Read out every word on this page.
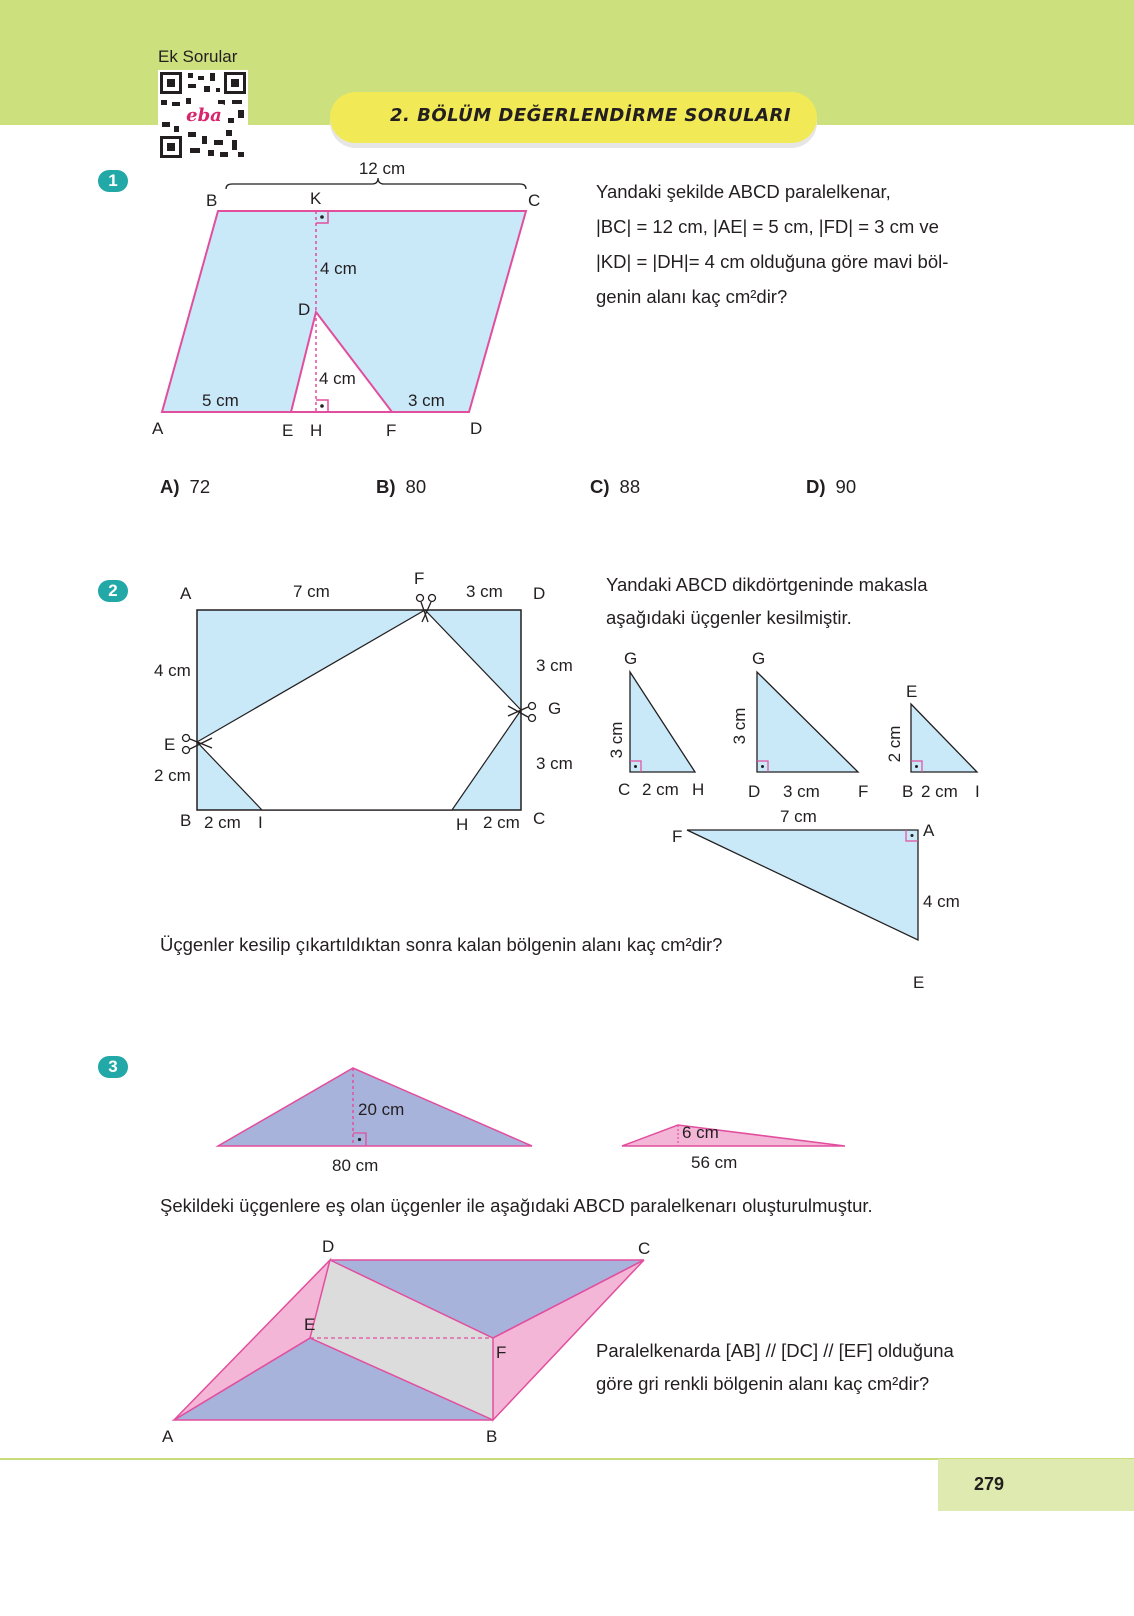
Ek Sorular
eba	2. BÖLÜM DEĞERLENDİRME SORULARI
1
12 cm
B	K	C
4 cm
D
4 cm
5 cm	3 cm
A	E H	F	D
Yandaki şekilde ABCD paralelkenar,
|BC| = 12 cm, |AE| = 5 cm, |FD| = 3 cm ve
|KD| = |DH|= 4 cm olduğuna göre mavi böl-
genin alanı kaç cm²dir?
A) 72	B) 80	C) 88	D) 90
2	A	7 cm
F
3 cm D
4 cm	3 cm
G
E
3 cm
2 cm
B 2 cm I	H 2 cm C
Yandaki ABCD dikdörtgeninde makasla
aşağıdaki üçgenler kesilmiştir.
G
3 cm
C 2 cm H
G
3 cm
D 3 cm F
E
2 cm
B 2 cm I
F
7 cm
A
4 cm
E
Üçgenler kesilip çıkartıldıktan sonra kalan bölgenin alanı kaç cm²dir?
3
20 cm
80 cm
6 cm
56 cm
Şekildeki üçgenlere eş olan üçgenler ile aşağıdaki ABCD paralelkenarı oluşturulmuştur.
D	C
E
F
A	B
Paralelkenarda [AB] // [DC] // [EF] olduğuna
göre gri renkli bölgenin alanı kaç cm²dir?
279
